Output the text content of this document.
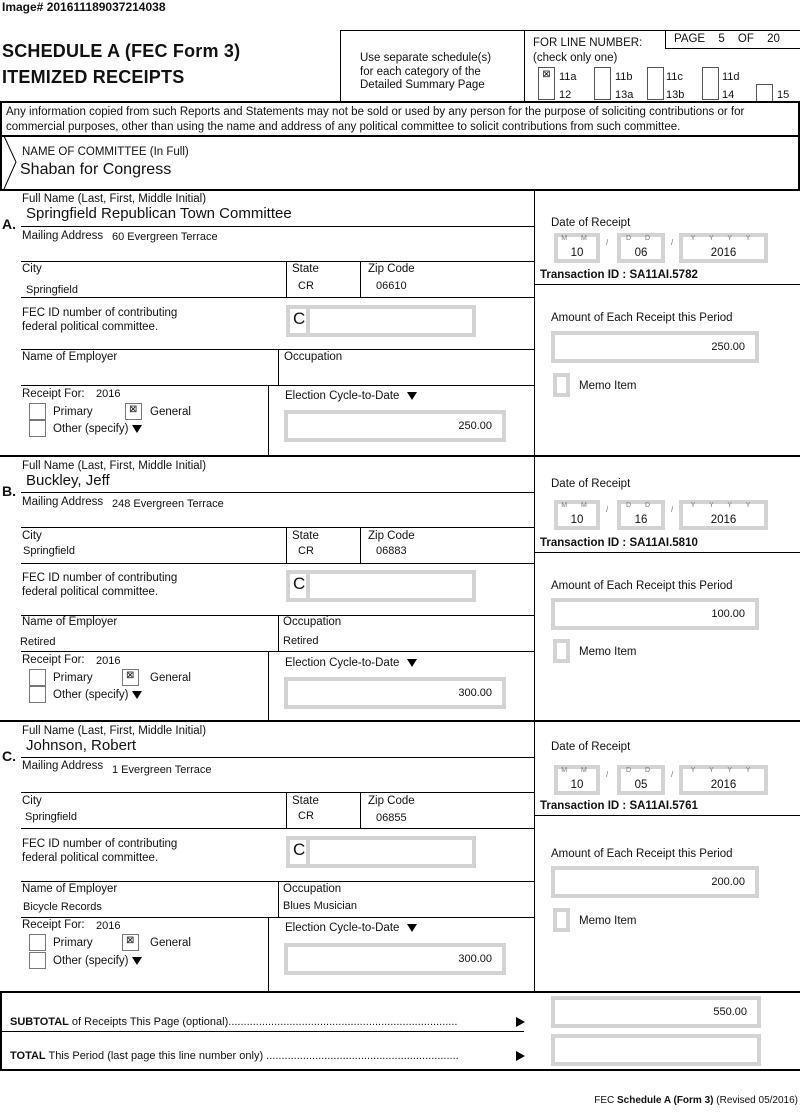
Image# 201611189037214038
SCHEDULE A (FEC Form 3)
ITEMIZED RECEIPTS
Use separate schedule(s)
for each category of the
Detailed Summary Page
FOR LINE NUMBER:
(check only one)
PAGE 5 OF 20
⊠ 11a	11b	11c	11d
12	13a	13b	14	15
Any information copied from such Reports and Statements may not be sold or used by any person for the purpose of soliciting contributions or for commercial purposes, other than using the name and address of any political committee to solicit contributions from such committee.
NAME OF COMMITTEE (In Full)
Shaban for Congress
A.
Full Name (Last, First, Middle Initial)
Springfield Republican Town Committee
Mailing Address 60 Evergreen Terrace
City
Springfield
State
CR
Zip Code
06610
FEC ID number of contributing
federal political committee.	C
Name of Employer	Occupation
Receipt For: 2016
Primary ⊠	General
Other (specify)
Election Cycle-to-Date
250.00
Date of Receipt
M M
10
/	D D
06
/	Y Y Y Y
2016
Transaction ID : SA11AI.5782
Amount of Each Receipt this Period
250.00
Memo Item
B.
Full Name (Last, First, Middle Initial)
Buckley, Jeff
Mailing Address 248 Evergreen Terrace
City
Springfield
State
CR
Zip Code
06883
FEC ID number of contributing
federal political committee.	C
Name of Employer
Retired
Occupation
Retired
Receipt For: 2016
Primary ⊠	General
Other (specify)
Election Cycle-to-Date
300.00
Date of Receipt
M M
10
/	D D
16
/	Y Y Y Y
2016
Transaction ID : SA11AI.5810
Amount of Each Receipt this Period
100.00
Memo Item
C.
Full Name (Last, First, Middle Initial)
Johnson, Robert
Mailing Address 1 Evergreen Terrace
City
Springfield
State
CR
Zip Code
06855
FEC ID number of contributing
federal political committee.	C
Name of Employer
Bicycle Records
Occupation
Blues Musician
Receipt For: 2016
Primary ⊠	General
Other (specify)
Election Cycle-to-Date
300.00
Date of Receipt
M M
10
/	D D
05
/	Y Y Y Y
2016
Transaction ID : SA11AI.5761
Amount of Each Receipt this Period
200.00
Memo Item
SUBTOTAL of Receipts This Page (optional)...........................................................................
550.00
TOTAL This Period (last page this line number only) ...............................................................
FEC Schedule A (Form 3) (Revised 05/2016)
